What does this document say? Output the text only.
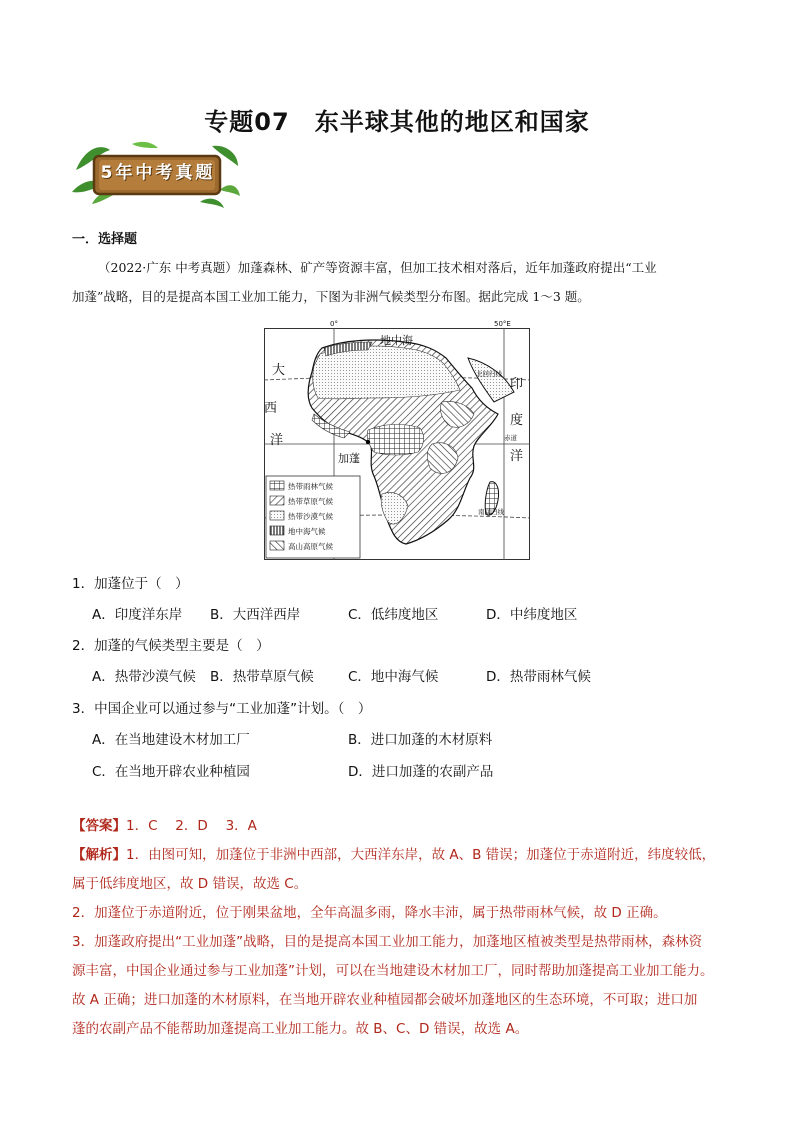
专题07　东半球其他的地区和国家
5年中考真题
一．选择题

（2022·广东 中考真题）加蓬森林、矿产等资源丰富，但加工技术相对落后，近年加蓬政府提出“工业

加蓬”战略，目的是提高本国工业加工能力，下图为非洲气候类型分布图。据此完成 1～3 题。

0°	50°E
地中海
大
西
洋
印
度
洋
北回归线
赤道
南回归线
加蓬
热带雨林气候
热带草原气候
热带沙漠气候
地中海气候
高山高原气候
1．加蓬位于（　）
A．印度洋东岸 B．大西洋西岸	C．低纬度地区	D．中纬度地区
2．加蓬的气候类型主要是（　）
A．热带沙漠气候 B．热带草原气候	C．地中海气候	D．热带雨林气候
3．中国企业可以通过参与“工业加蓬”计划。（　）
A．在当地建设木材加工厂	B．进口加蓬的木材原料
C．在当地开辟农业种植园	D．进口加蓬的农副产品

【答案】1．C　 2．D　 3．A

【解析】1．由图可知，加蓬位于非洲中西部，大西洋东岸，故 A、B 错误；加蓬位于赤道附近，纬度较低，

属于低纬度地区，故 D 错误，故选 C。

2．加蓬位于赤道附近，位于刚果盆地，全年高温多雨，降水丰沛，属于热带雨林气候，故 D 正确。

3．加蓬政府提出“工业加蓬”战略，目的是提高本国工业加工能力，加蓬地区植被类型是热带雨林，森林资

源丰富，中国企业通过参与工业加蓬”计划，可以在当地建设木材加工厂，同时帮助加蓬提高工业加工能力。

故 A 正确；进口加蓬的木材原料，在当地开辟农业种植园都会破坏加蓬地区的生态环境，不可取；进口加

蓬的农副产品不能帮助加蓬提高工业加工能力。故 B、C、D 错误，故选 A。
